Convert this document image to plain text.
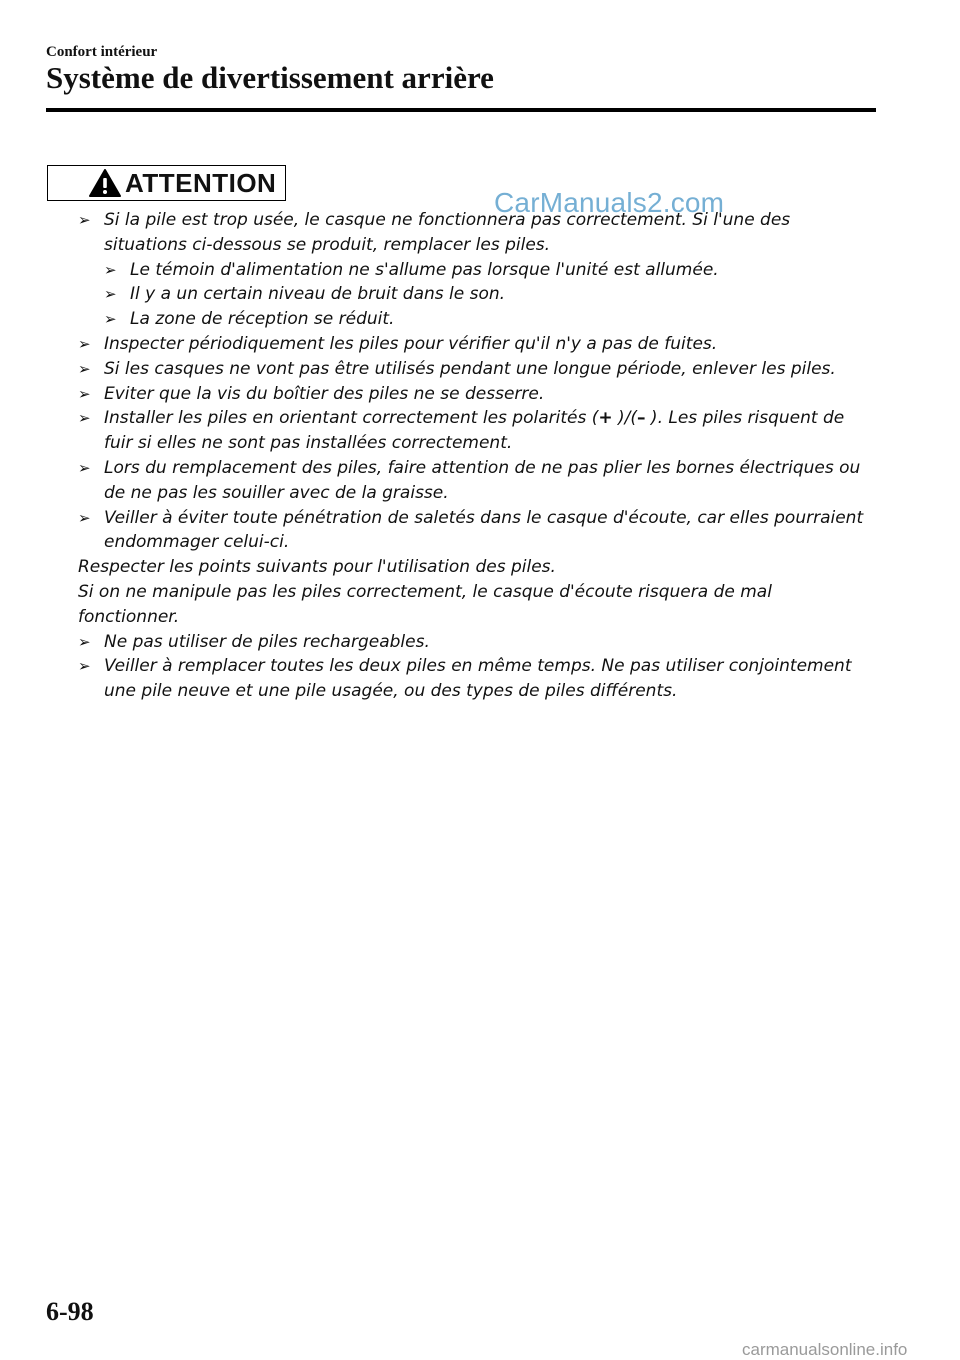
Confort intérieur
Système de divertissement arrière
ATTENTION
CarManuals2.com
➢ Si la pile est trop usée, le casque ne fonctionnera pas correctement. Si l'une des situations ci-dessous se produit, remplacer les piles.
➢ Le témoin d'alimentation ne s'allume pas lorsque l'unité est allumée.
➢ Il y a un certain niveau de bruit dans le son.
➢ La zone de réception se réduit.
➢ Inspecter périodiquement les piles pour vérifier qu'il n'y a pas de fuites.
➢ Si les casques ne vont pas être utilisés pendant une longue période, enlever les piles.
➢ Eviter que la vis du boîtier des piles ne se desserre.
➢ Installer les piles en orientant correctement les polarités (+ )/(– ). Les piles risquent de fuir si elles ne sont pas installées correctement.
➢ Lors du remplacement des piles, faire attention de ne pas plier les bornes électriques ou de ne pas les souiller avec de la graisse.
➢ Veiller à éviter toute pénétration de saletés dans le casque d'écoute, car elles pourraient endommager celui-ci.

Respecter les points suivants pour l'utilisation des piles.

Si on ne manipule pas les piles correctement, le casque d'écoute risquera de mal fonctionner.

➢ Ne pas utiliser de piles rechargeables.
➢ Veiller à remplacer toutes les deux piles en même temps. Ne pas utiliser conjointement une pile neuve et une pile usagée, ou des types de piles différents.
6-98
carmanualsonline.info
